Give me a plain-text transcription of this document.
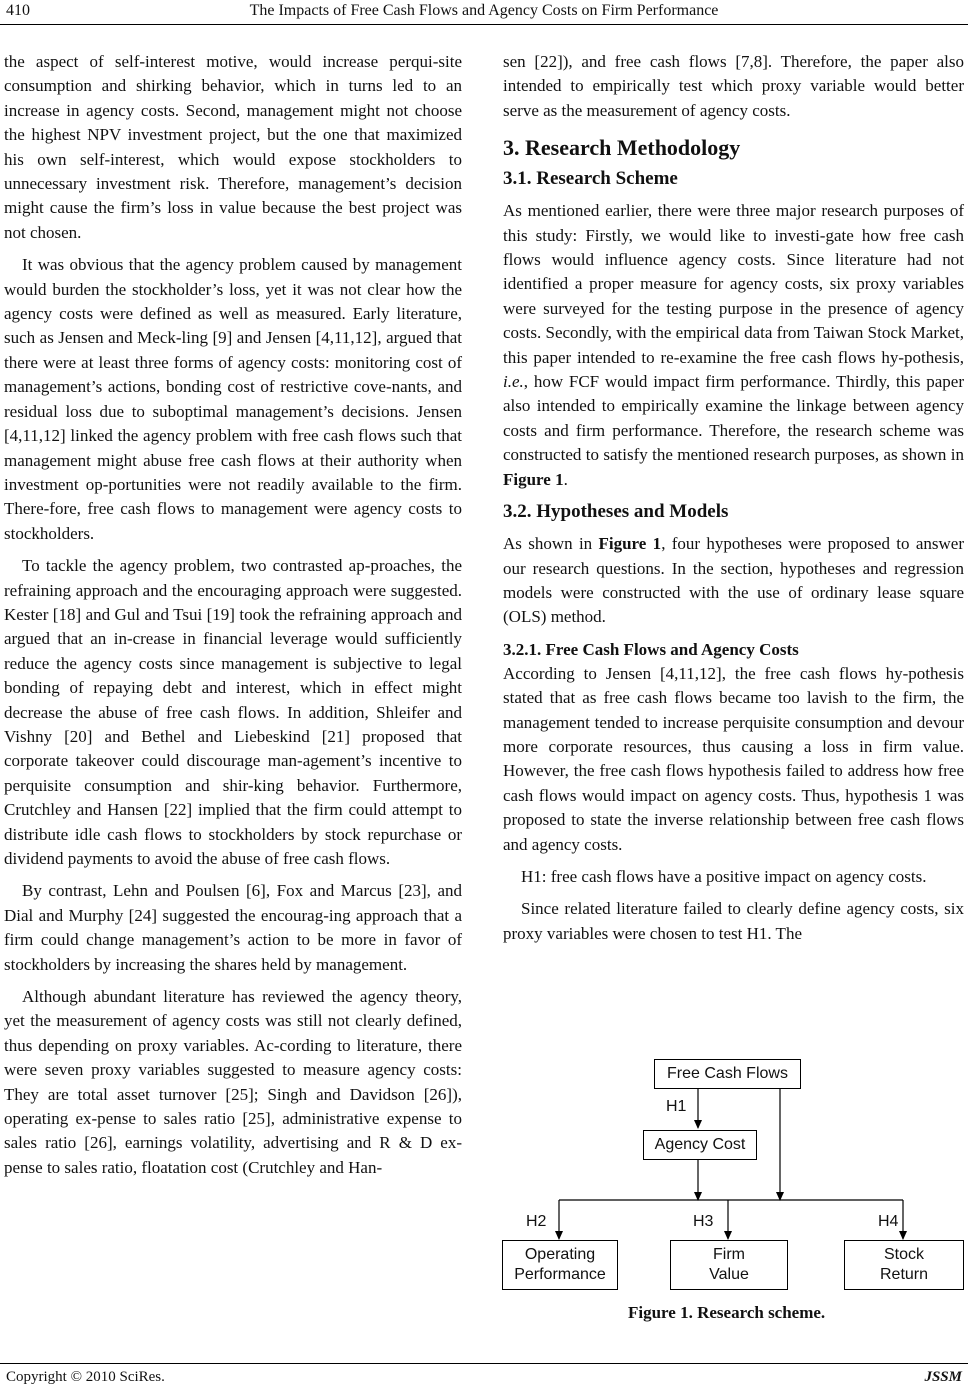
410	The Impacts of Free Cash Flows and Agency Costs on Firm Performance

the aspect of self-interest motive, would increase perqui-site consumption and shirking behavior, which in turns led to an increase in agency costs. Second, management might not choose the highest NPV investment project, but the one that maximized his own self-interest, which would expose stockholders to unnecessary investment risk. Therefore, management’s decision might cause the firm’s loss in value because the best project was not chosen.

It was obvious that the agency problem caused by management would burden the stockholder’s loss, yet it was not clear how the agency costs were defined as well as measured. Early literature, such as Jensen and Meck-ling [9] and Jensen [4,11,12], argued that there were at least three forms of agency costs: monitoring cost of management’s actions, bonding cost of restrictive cove-nants, and residual loss due to suboptimal management’s decisions. Jensen [4,11,12] linked the agency problem with free cash flows such that management might abuse free cash flows at their authority when investment op-portunities were not readily available to the firm. There-fore, free cash flows to management were agency costs to stockholders.

To tackle the agency problem, two contrasted ap-proaches, the refraining approach and the encouraging approach were suggested. Kester [18] and Gul and Tsui [19] took the refraining approach and argued that an in-crease in financial leverage would sufficiently reduce the agency costs since management is subjective to legal bonding of repaying debt and interest, which in effect might decrease the abuse of free cash flows. In addition, Shleifer and Vishny [20] and Bethel and Liebeskind [21] proposed that corporate takeover could discourage man-agement’s incentive to perquisite consumption and shir-king behavior. Furthermore, Crutchley and Hansen [22] implied that the firm could attempt to distribute idle cash flows to stockholders by stock repurchase or dividend payments to avoid the abuse of free cash flows.

By contrast, Lehn and Poulsen [6], Fox and Marcus [23], and Dial and Murphy [24] suggested the encourag-ing approach that a firm could change management’s action to be more in favor of stockholders by increasing the shares held by management.

Although abundant literature has reviewed the agency theory, yet the measurement of agency costs was still not clearly defined, thus depending on proxy variables. Ac-cording to literature, there were seven proxy variables suggested to measure agency costs: They are total asset turnover [25]; Singh and Davidson [26]), operating ex-pense to sales ratio [25], administrative expense to sales ratio [26], earnings volatility, advertising and R & D ex-pense to sales ratio, floatation cost (Crutchley and Han-

sen [22]), and free cash flows [7,8]. Therefore, the paper also intended to empirically test which proxy variable would better serve as the measurement of agency costs.

3. Research Methodology
3.1. Research Scheme

As mentioned earlier, there were three major research purposes of this study: Firstly, we would like to investi-gate how free cash flows would influence agency costs. Since literature had not identified a proper measure for agency costs, six proxy variables were surveyed for the testing purpose in the presence of agency costs. Secondly, with the empirical data from Taiwan Stock Market, this paper intended to re-examine the free cash flows hy-pothesis, i.e., how FCF would impact firm performance. Thirdly, this paper also intended to empirically examine the linkage between agency costs and firm performance. Therefore, the research scheme was constructed to satisfy the mentioned research purposes, as shown in Figure 1.

3.2. Hypotheses and Models

As shown in Figure 1, four hypotheses were proposed to answer our research questions. In the section, hypotheses and regression models were constructed with the use of ordinary lease square (OLS) method.

3.2.1. Free Cash Flows and Agency Costs

According to Jensen [4,11,12], the free cash flows hy-pothesis stated that as free cash flows became too lavish to the firm, the management tended to increase perquisite consumption and devour more corporate resources, thus causing a loss in firm value. However, the free cash flows hypothesis failed to address how free cash flows would impact on agency costs. Thus, hypothesis 1 was proposed to state the inverse relationship between free cash flows and agency costs.

H1: free cash flows have a positive impact on agency costs.

Since related literature failed to clearly define agency costs, six proxy variables were chosen to test H1. The

Free Cash Flows
Agency Cost
Operating
Performance
Firm
Value
Stock
Return
H1
H2	H3	H4
Figure 1. Research scheme.
Copyright © 2010 SciRes.	JSSM
